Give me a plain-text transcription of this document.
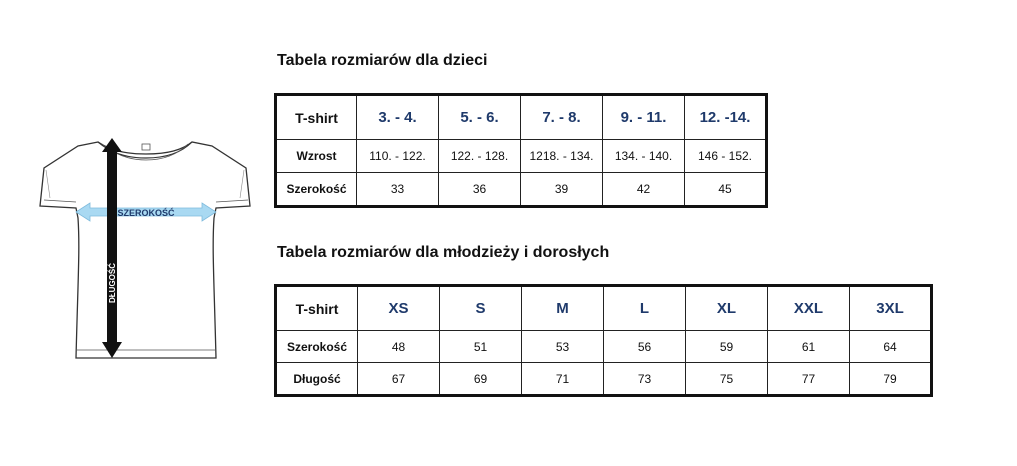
SZEROKOŚĆ
DŁUGOŚĆ
Tabela rozmiarów dla dzieci
T-shirt	3. - 4.	5. - 6.	7. - 8.	9. - 11.	12. -14.
Wzrost	110. - 122.	122. - 128.	1218. - 134.	134. - 140.	146 - 152.
Szerokość	33	36	39	42	45
Tabela rozmiarów dla młodzieży i dorosłych
T-shirt	XS	S	M	L	XL	XXL	3XL
Szerokość	48	51	53	56	59	61	64
Długość	67	69	71	73	75	77	79
